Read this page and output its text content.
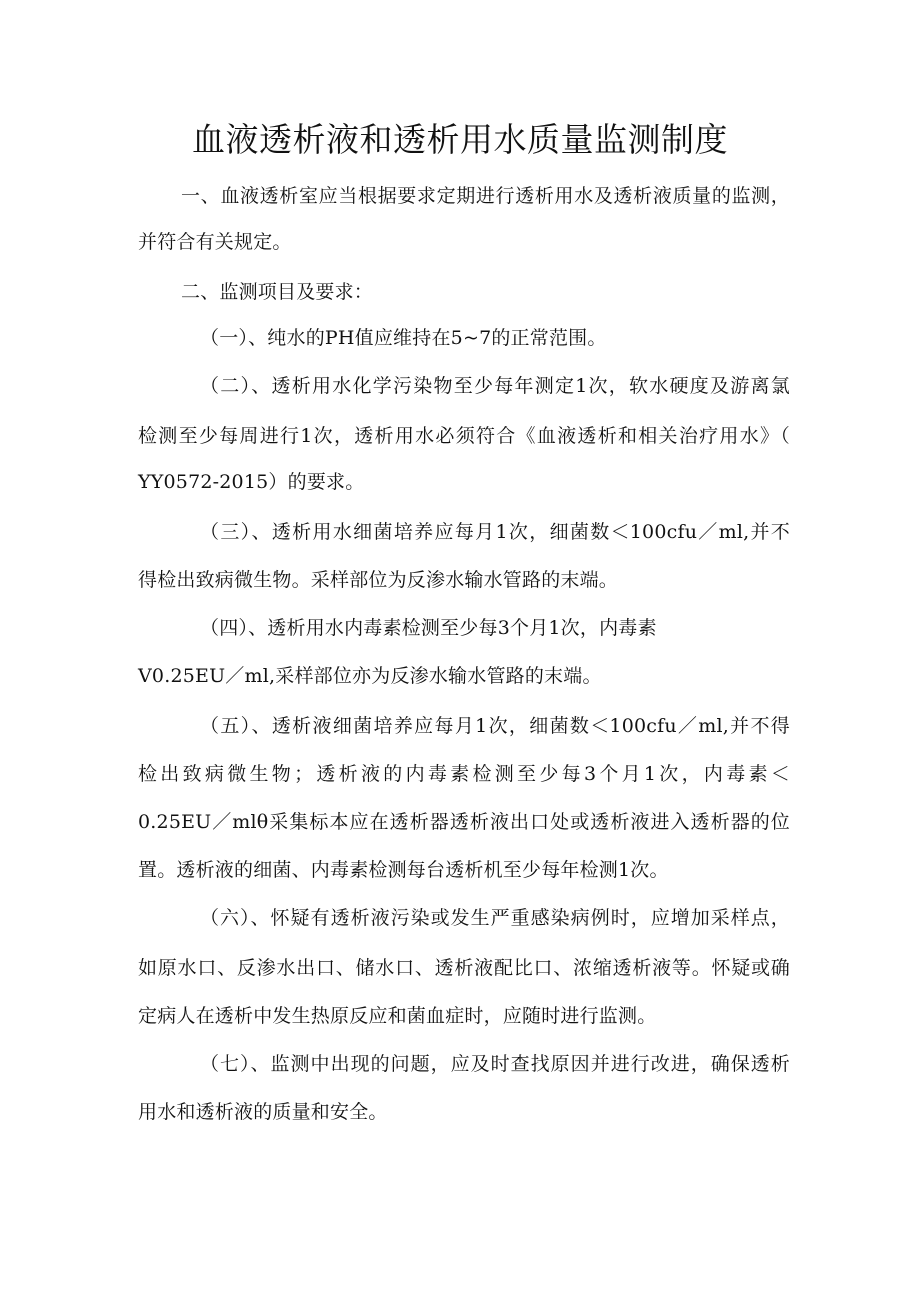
血液透析液和透析用水质量监测制度
一、血液透析室应当根据要求定期进行透析用水及透析液质量的监测，
并符合有关规定。
二、监测项目及要求：
（一）、纯水的PH值应维持在5~7的正常范围。
（二）、透析用水化学污染物至少每年测定1次，软水硬度及游离氯
检测至少每周进行1次，透析用水必须符合《血液透析和相关治疗用水》（
YY0572-2015）的要求。
（三）、透析用水细菌培养应每月1次，细菌数＜100cfu／ml,并不
得检出致病微生物。采样部位为反渗水输水管路的末端。
（四）、透析用水内毒素检测至少每3个月1次，内毒素
V0.25EU／ml,采样部位亦为反渗水输水管路的末端。
（五）、透析液细菌培养应每月1次，细菌数＜100cfu／ml,并不得
检出致病微生物；透析液的内毒素检测至少每3个月1次，内毒素＜
0.25EU／mlθ采集标本应在透析器透析液出口处或透析液进入透析器的位
置。透析液的细菌、内毒素检测每台透析机至少每年检测1次。
（六）、怀疑有透析液污染或发生严重感染病例时，应增加采样点，
如原水口、反渗水出口、储水口、透析液配比口、浓缩透析液等。怀疑或确
定病人在透析中发生热原反应和菌血症时，应随时进行监测。
（七）、监测中出现的问题，应及时查找原因并进行改进，确保透析
用水和透析液的质量和安全。
